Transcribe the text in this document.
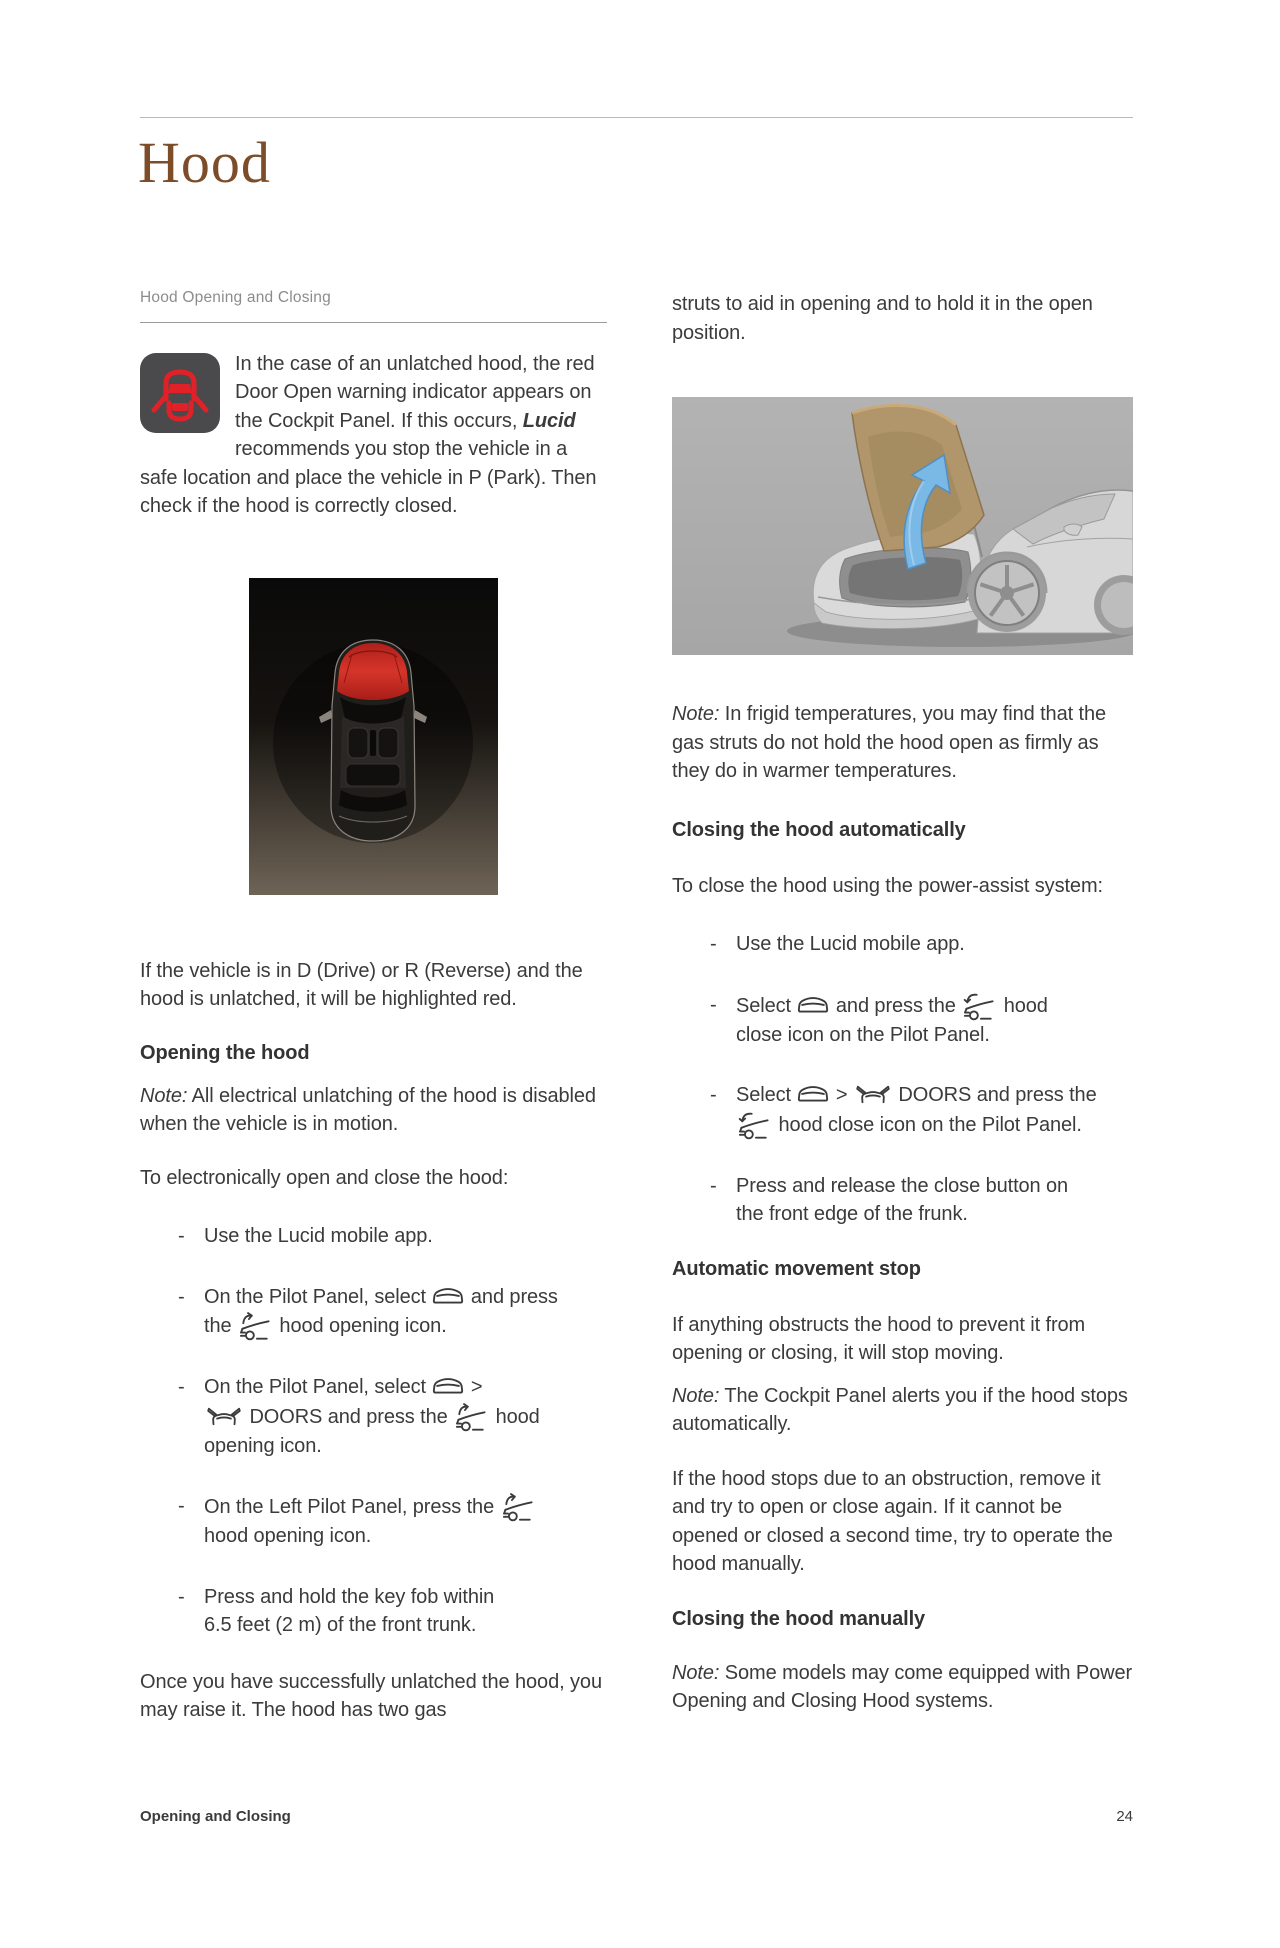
Hood
Hood Opening and Closing
In the case of an unlatched hood, the red Door Open warning indicator appears on the Cockpit Panel. If this occurs, Lucid recommends you stop the vehicle in a safe location and place the vehicle in P (Park). Then check if the hood is correctly closed.

If the vehicle is in D (Drive) or R (Reverse) and the hood is unlatched, it will be highlighted red.

Opening the hood

Note: All electrical unlatching of the hood is disabled when the vehicle is in motion.

To electronically open and close the hood:

- Use the Lucid mobile app.
- On the Pilot Panel, select  and press
the  hood opening icon.
- On the Pilot Panel, select  >
DOORS and press the  hood
opening icon.
- On the Left Pilot Panel, press the
hood opening icon.
- Press and hold the key fob within
6.5 feet (2 m) of the front trunk.

Once you have successfully unlatched the hood, you may raise it. The hood has two gas

struts to aid in opening and to hold it in the open position.

Note: In frigid temperatures, you may find that the gas struts do not hold the hood open as firmly as they do in warmer temperatures.

Closing the hood automatically

To close the hood using the power-assist system:

- Use the Lucid mobile app.
- Select  and press the  hood
close icon on the Pilot Panel.
- Select  >  DOORS and press the
hood close icon on the Pilot Panel.
- Press and release the close button on
the front edge of the frunk.
Automatic movement stop

If anything obstructs the hood to prevent it from opening or closing, it will stop moving.

Note: The Cockpit Panel alerts you if the hood stops automatically.

If the hood stops due to an obstruction, remove it and try to open or close again. If it cannot be opened or closed a second time, try to operate the hood manually.

Closing the hood manually

Note: Some models may come equipped with Power Opening and Closing Hood systems.

Opening and Closing	24
